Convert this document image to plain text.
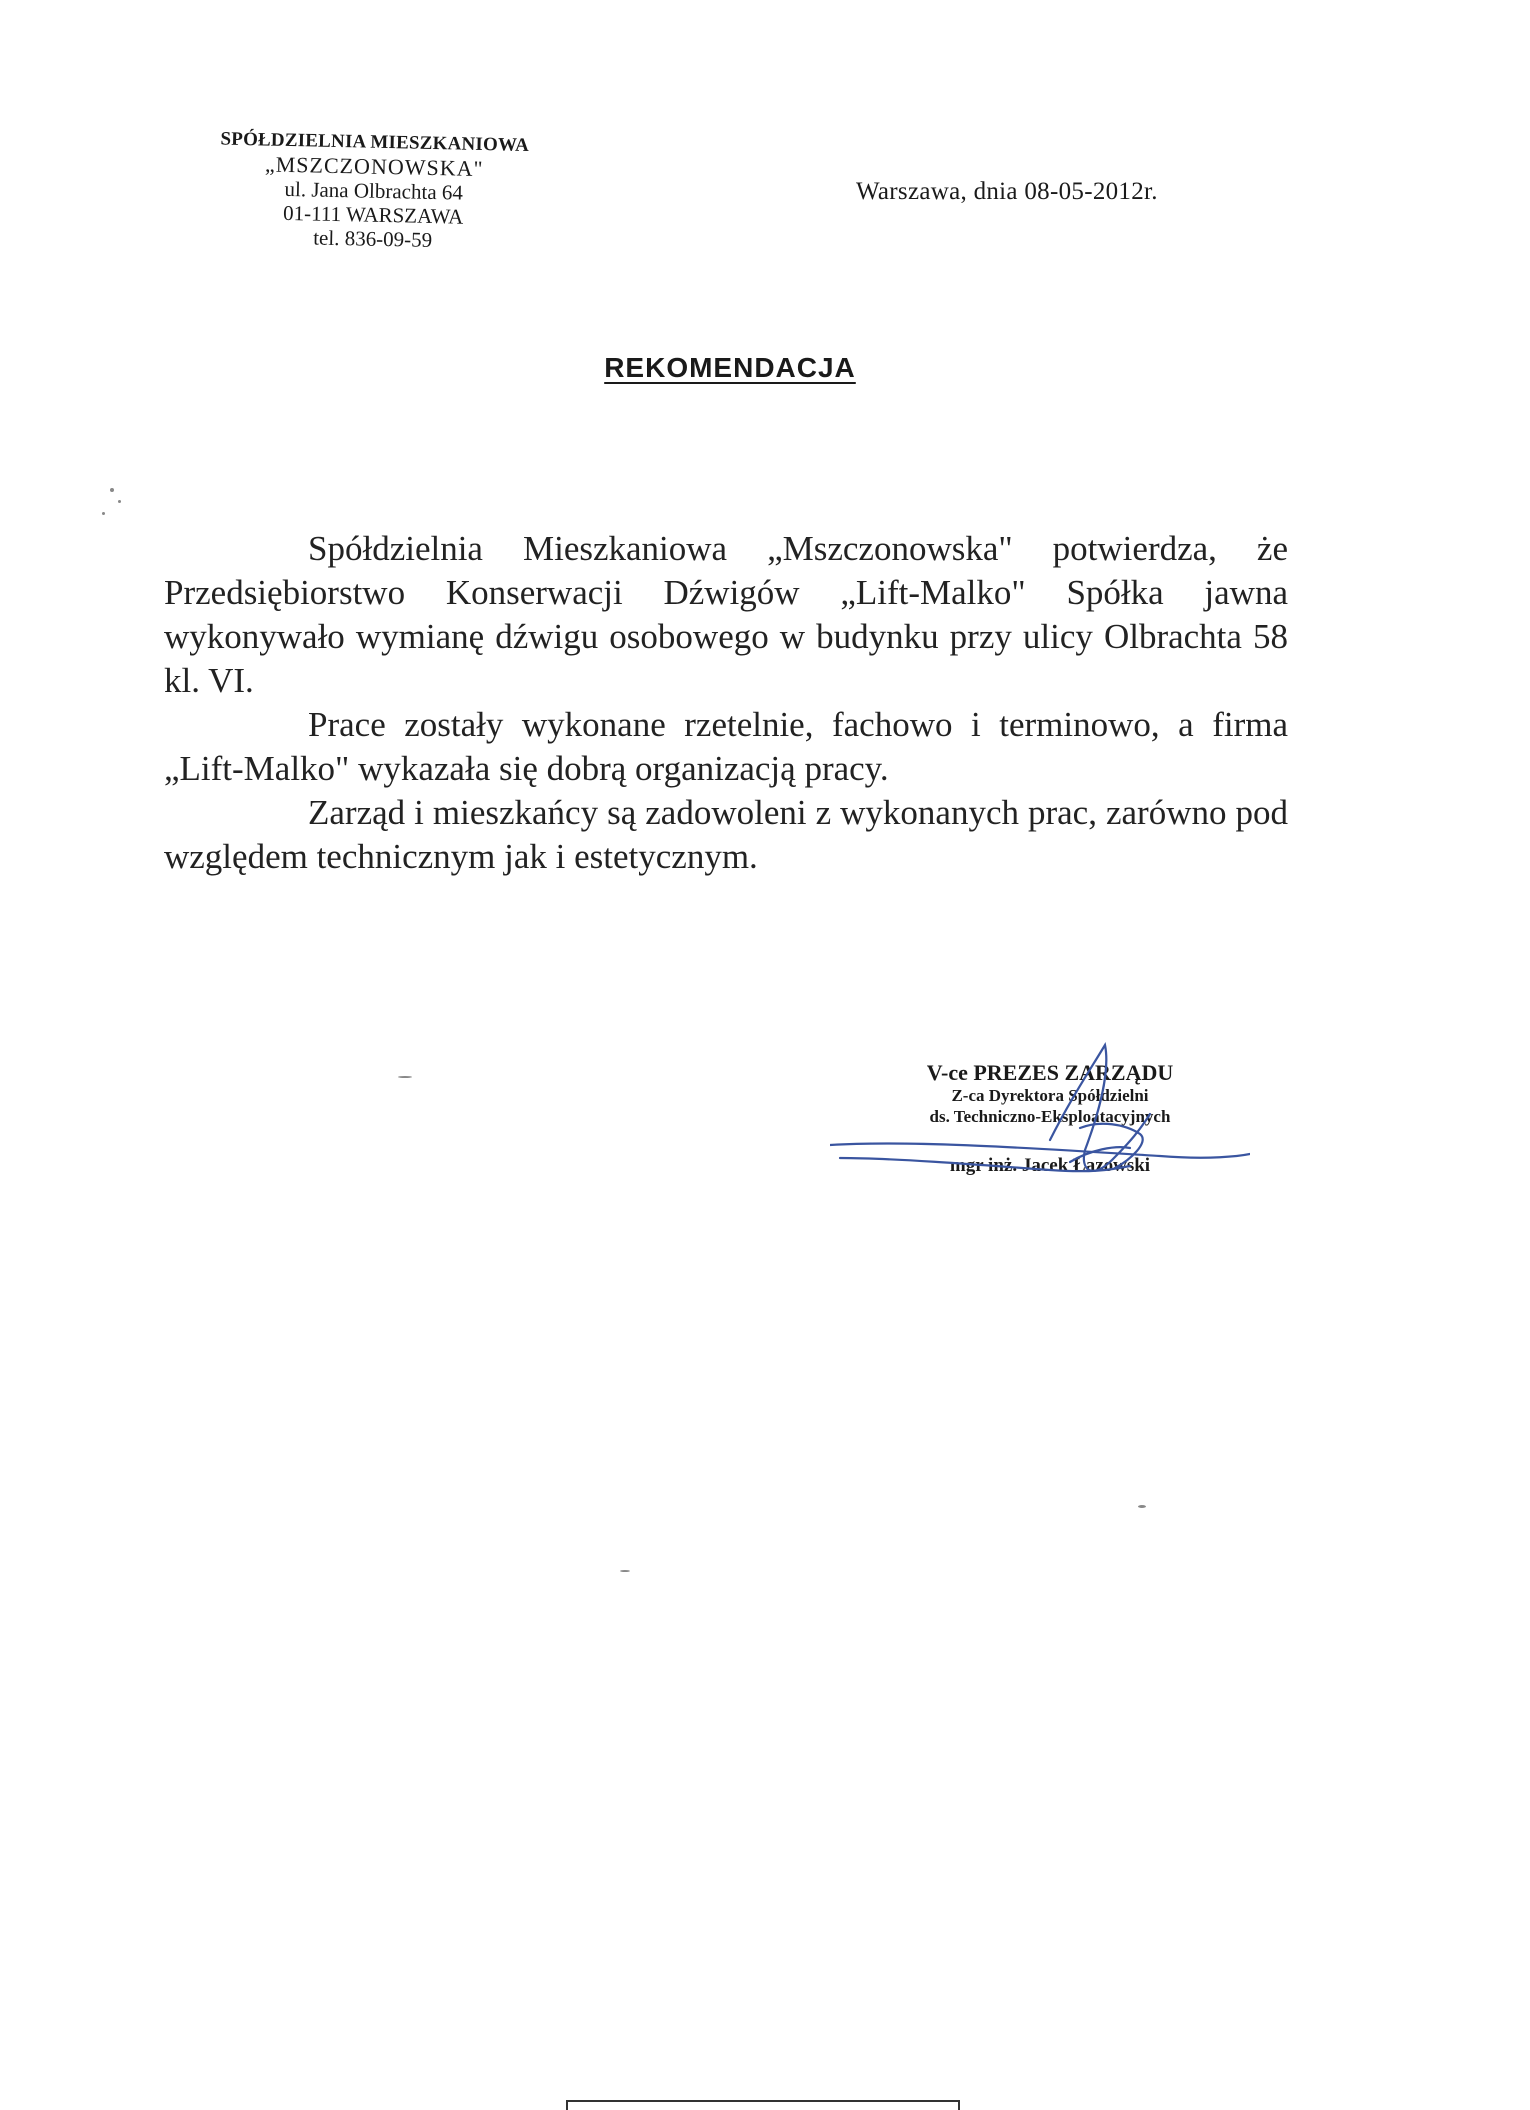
SPÓŁDZIELNIA MIESZKANIOWA
„MSZCZONOWSKA"
ul. Jana Olbrachta 64
01-111 WARSZAWA
tel. 836-09-59
Warszawa, dnia 08-05-2012r.
REKOMENDACJA

Spółdzielnia Mieszkaniowa „Mszczonowska" potwierdza, że Przedsiębiorstwo Konserwacji Dźwigów „Lift-Malko" Spółka jawna wykonywało wymianę dźwigu osobowego w budynku przy ulicy Olbrachta 58 kl. VI.

Prace zostały wykonane rzetelnie, fachowo i terminowo, a firma „Lift-Malko" wykazała się dobrą organizacją pracy.

Zarząd i mieszkańcy są zadowoleni z wykonanych prac, zarówno pod względem technicznym jak i estetycznym.

V-ce PREZES ZARZĄDU
Z-ca Dyrektora Spółdzielni
ds. Techniczno-Eksploatacyjnych
mgr inż. Jacek Łazowski
